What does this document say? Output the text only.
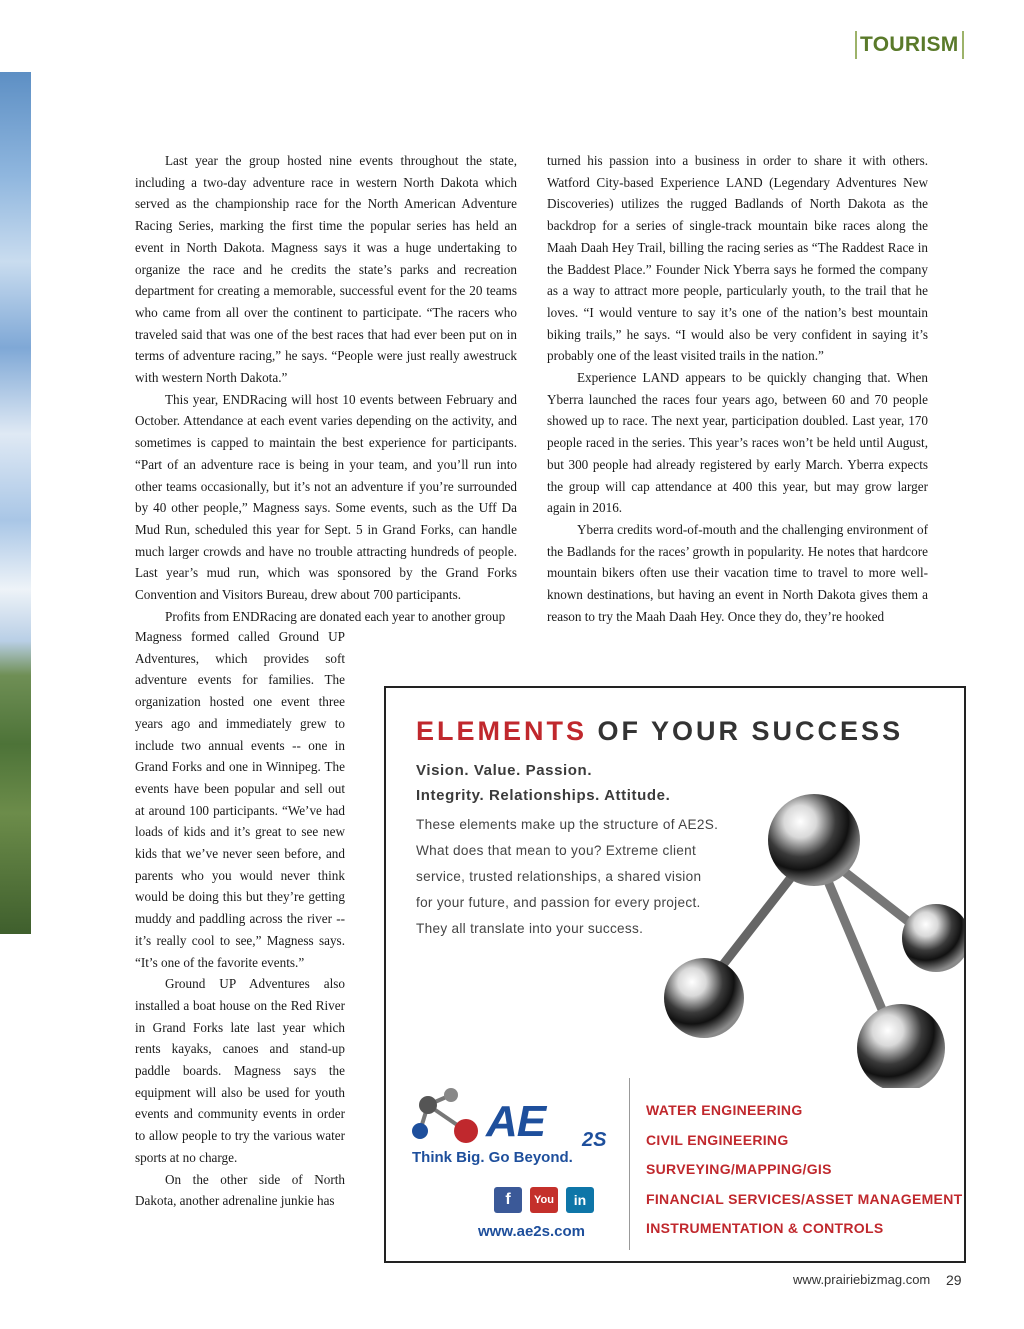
TOURISM

Last year the group hosted nine events throughout the state, including a two-day adventure race in western North Dakota which served as the championship race for the North American Adventure Racing Series, marking the first time the popular series has held an event in North Dakota. Magness says it was a huge undertaking to organize the race and he credits the state’s parks and recreation department for creating a memorable, successful event for the 20 teams who came from all over the continent to participate. “The racers who traveled said that was one of the best races that had ever been put on in terms of adventure racing,” he says. “People were just really awestruck with western North Dakota.”

This year, ENDRacing will host 10 events between February and October. Attendance at each event varies depending on the activity, and sometimes is capped to maintain the best experience for participants. “Part of an adventure race is being in your team, and you’ll run into other teams occasionally, but it’s not an adventure if you’re surrounded by 40 other people,” Magness says. Some events, such as the Uff Da Mud Run, scheduled this year for Sept. 5 in Grand Forks, can handle much larger crowds and have no trouble attracting hundreds of people. Last year’s mud run, which was sponsored by the Grand Forks Convention and Visitors Bureau, drew about 700 participants.

Profits from ENDRacing are donated each year to another group

Magness formed called Ground UP Adventures, which provides soft adventure events for families. The organization hosted one event three years ago and immediately grew to include two annual events -- one in Grand Forks and one in Winnipeg. The events have been popular and sell out at around 100 participants. “We’ve had loads of kids and it’s great to see new kids that we’ve never seen before, and parents who you would never think would be doing this but they’re getting muddy and paddling across the river -- it’s really cool to see,” Magness says. “It’s one of the favorite events.”

Ground UP Adventures also installed a boat house on the Red River in Grand Forks late last year which rents kayaks, canoes and stand-up paddle boards. Magness says the equipment will also be used for youth events and community events in order to allow people to try the various water sports at no charge.

On the other side of North Dakota, another adrenaline junkie has

turned his passion into a business in order to share it with others. Watford City-based Experience LAND (Legendary Adventures New Discoveries) utilizes the rugged Badlands of North Dakota as the backdrop for a series of single-track mountain bike races along the Maah Daah Hey Trail, billing the racing series as “The Raddest Race in the Baddest Place.” Founder Nick Yberra says he formed the company as a way to attract more people, particularly youth, to the trail that he loves. “I would venture to say it’s one of the nation’s best mountain biking trails,” he says. “I would also be very confident in saying it’s probably one of the least visited trails in the nation.”

Experience LAND appears to be quickly changing that. When Yberra launched the races four years ago, between 60 and 70 people showed up to race. The next year, participation doubled. Last year, 170 people raced in the series. This year’s races won’t be held until August, but 300 people had already registered by early March. Yberra expects the group will cap attendance at 400 this year, but may grow larger again in 2016.

Yberra credits word-of-mouth and the challenging environment of the Badlands for the races’ growth in popularity. He notes that hardcore mountain bikers often use their vacation time to travel to more well-known destinations, but having an event in North Dakota gives them a reason to try the Maah Daah Hey. Once they do, they’re hooked

ELEMENTS OF YOUR SUCCESS
Vision. Value. Passion.
Integrity. Relationships. Attitude.
These elements make up the structure of AE2S.
What does that mean to you? Extreme client
service, trusted relationships, a shared vision
for your future, and passion for every project.
They all translate into your success.
AE 2S
Think Big. Go Beyond.
f	You	in
www.ae2s.com
WATER ENGINEERING
CIVIL ENGINEERING
SURVEYING/MAPPING/GIS
FINANCIAL SERVICES/ASSET MANAGEMENT
INSTRUMENTATION & CONTROLS
www.prairiebizmag.com 29
